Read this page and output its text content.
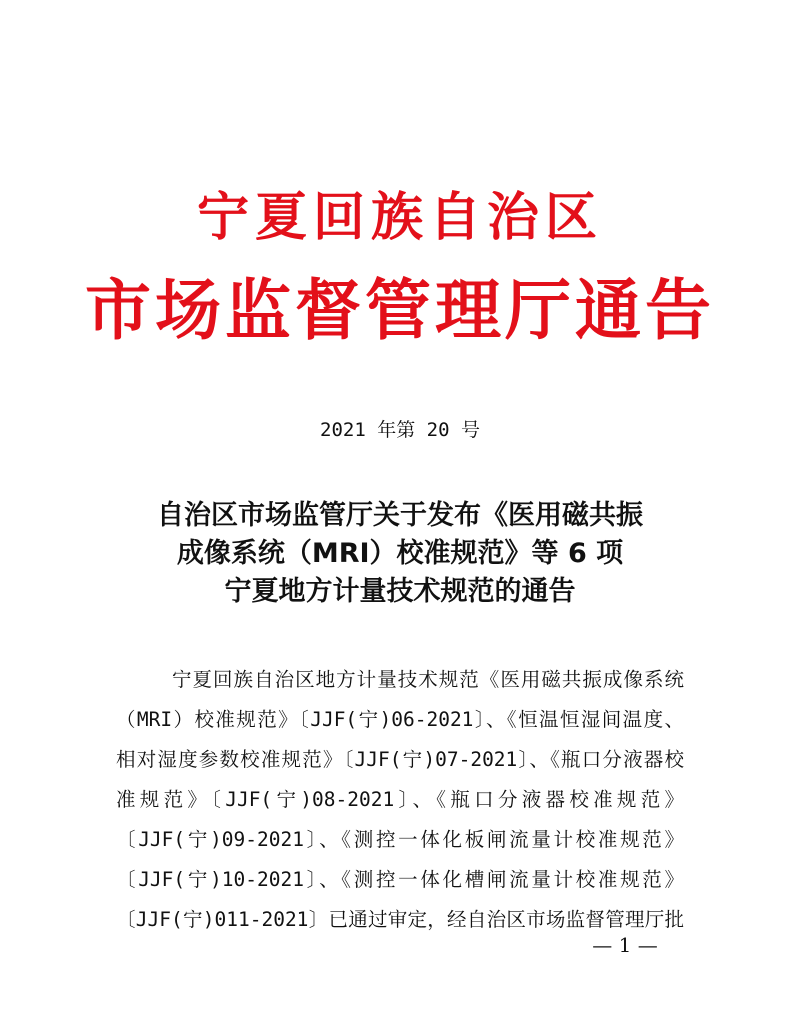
宁夏回族自治区
市场监督管理厅通告
2021 年第 20 号
自治区市场监管厅关于发布《医用磁共振
成像系统（MRI）校准规范》等 6 项
宁夏地方计量技术规范的通告
宁夏回族自治区地方计量技术规范《医用磁共振成像系统
（MRI）校准规范》〔JJF(宁)06-2021〕、《恒温恒湿间温度、
相对湿度参数校准规范》〔JJF(宁)07-2021〕、《瓶口分液器校
准规范》〔JJF(宁)08-2021〕、《瓶口分液器校准规范》
〔JJF(宁)09-2021〕、《测控一体化板闸流量计校准规范》
〔JJF(宁)10-2021〕、《测控一体化槽闸流量计校准规范》
〔JJF(宁)011-2021〕已通过审定，经自治区市场监督管理厅批
— 1 —
